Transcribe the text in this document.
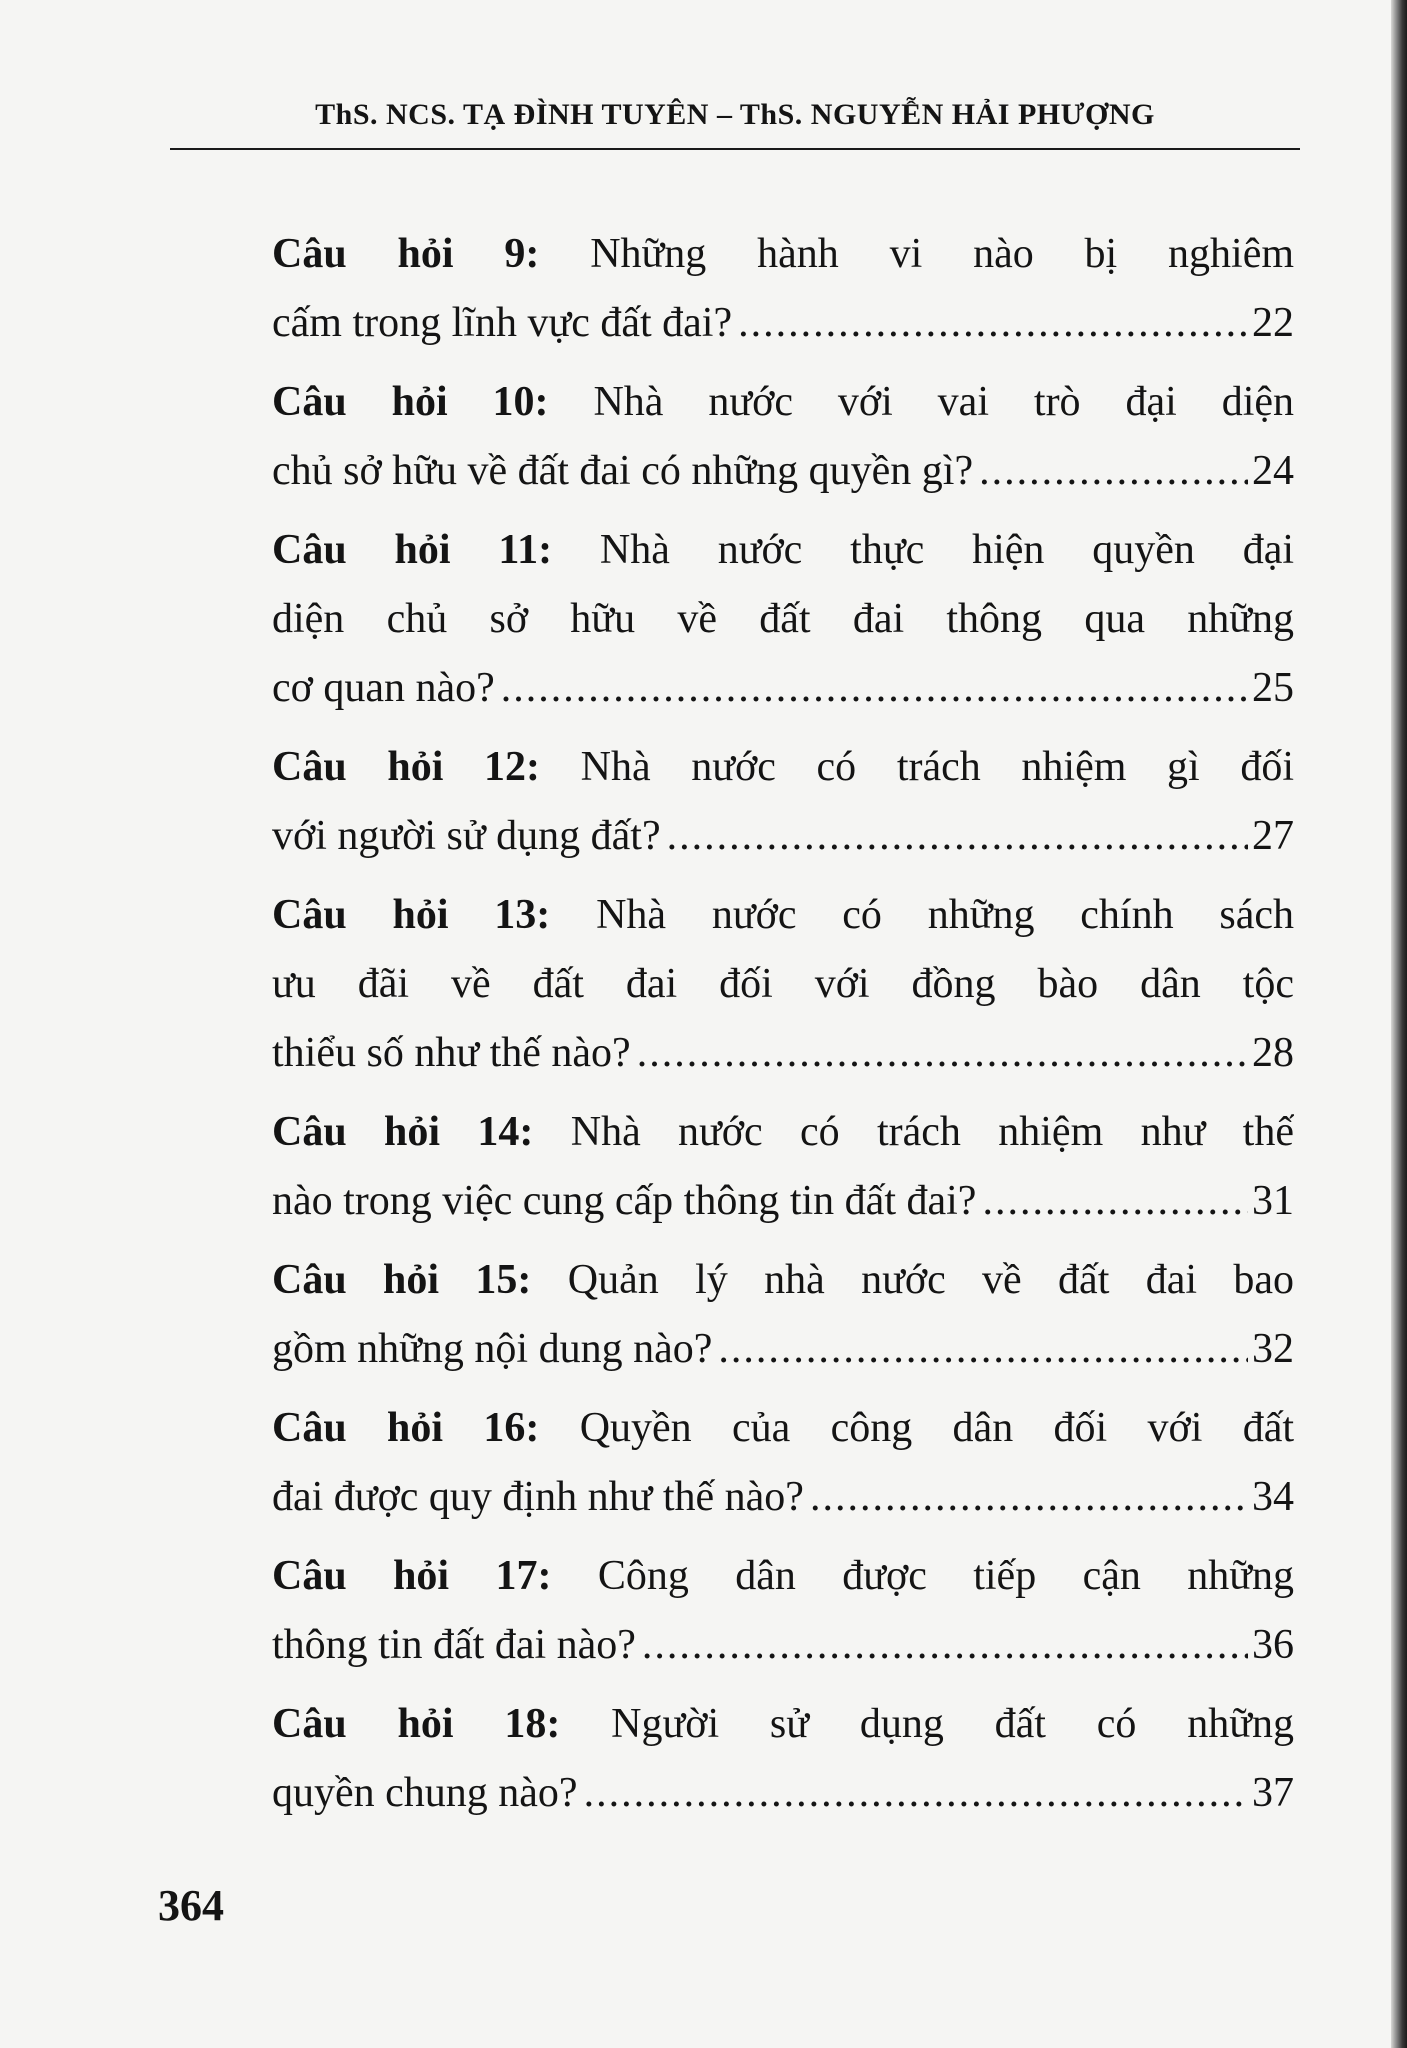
ThS. NCS. TẠ ĐÌNH TUYÊN – ThS. NGUYỄN HẢI PHƯỢNG
Câu hỏi 9: Những hành vi nào bị nghiêm
cấm trong lĩnh vực đất đai? .....	22
Câu hỏi 10: Nhà nước với vai trò đại diện
chủ sở hữu về đất đai có những quyền gì? .....	24
Câu hỏi 11: Nhà nước thực hiện quyền đại
diện chủ sở hữu về đất đai thông qua những
cơ quan nào? .....	25
Câu hỏi 12: Nhà nước có trách nhiệm gì đối
với người sử dụng đất? .....	27
Câu hỏi 13: Nhà nước có những chính sách
ưu đãi về đất đai đối với đồng bào dân tộc
thiểu số như thế nào? .....	28
Câu hỏi 14: Nhà nước có trách nhiệm như thế
nào trong việc cung cấp thông tin đất đai? .....	31
Câu hỏi 15: Quản lý nhà nước về đất đai bao
gồm những nội dung nào? .....	32
Câu hỏi 16: Quyền của công dân đối với đất
đai được quy định như thế nào? .....	34
Câu hỏi 17: Công dân được tiếp cận những
thông tin đất đai nào? .....	36
Câu hỏi 18: Người sử dụng đất có những
quyền chung nào? .....	37
364
